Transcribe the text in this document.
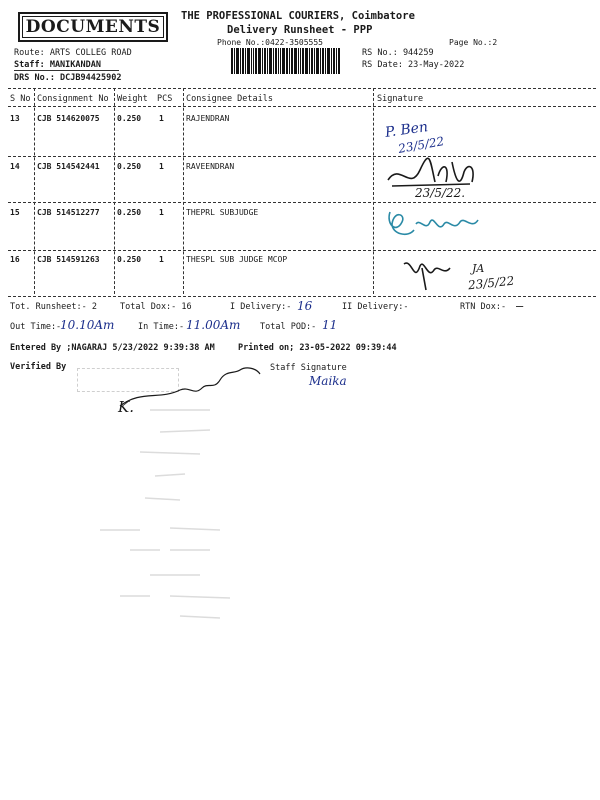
DOCUMENTS
THE PROFESSIONAL COURIERS, Coimbatore
Delivery Runsheet - PPP
Phone No.:0422-3505555	Page No.:2
Route: ARTS COLLEG ROAD
Staff: MANIKANDAN
DRS No.: DCJB94425902
RS No.: 944259
RS Date: 23-May-2022
S No Consignment No Weight PCS Consignee Details	Signature
13 CJB 514620075 0.250 1	RAJENDRAN
P. Ben
23/5/22
14 CJB 514542441 0.250 1	RAVEENDRAN
23/5/22.
15 CJB 514512277 0.250 1	THEPRL SUBJUDGE
16 CJB 514591263 0.250 1	THESPL SUB JUDGE MCOP
JA
23/5/22
Tot. Runsheet:- 2	Total Dox:- 16	I Delivery:- 16	II Delivery:-	RTN Dox:- —
Out Time:-
10.10Am	In Time:- 11.00Am Total POD:- 11
Entered By ;NAGARAJ 5/23/2022 9:39:38 AM	Printed on; 23-05-2022 09:39:44
Verified By	Staff Signature
Maika
K.
